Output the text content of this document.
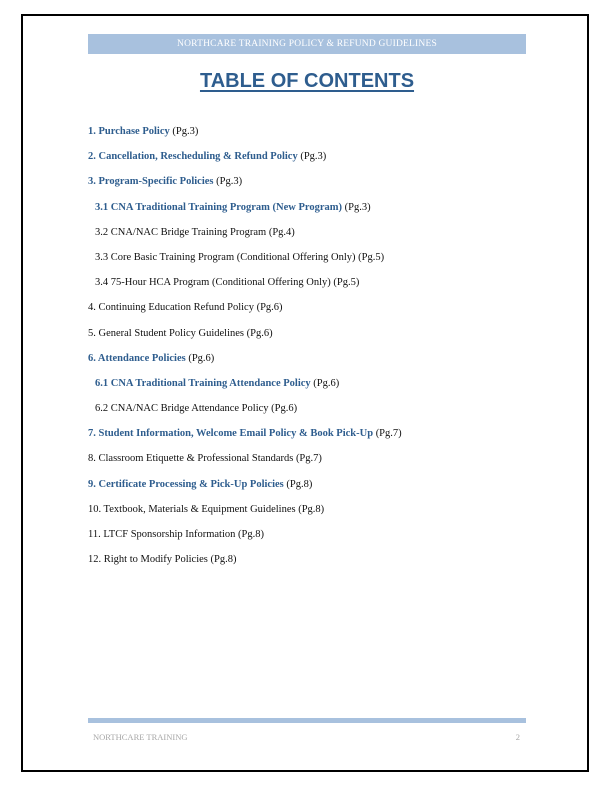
NORTHCARE TRAINING POLICY & REFUND GUIDELINES
TABLE OF CONTENTS
1. Purchase Policy (Pg.3)
2. Cancellation, Rescheduling & Refund Policy (Pg.3)
3. Program-Specific Policies (Pg.3)
3.1 CNA Traditional Training Program (New Program) (Pg.3)
3.2 CNA/NAC Bridge Training Program (Pg.4)
3.3 Core Basic Training Program (Conditional Offering Only) (Pg.5)
3.4 75-Hour HCA Program (Conditional Offering Only) (Pg.5)
4. Continuing Education Refund Policy (Pg.6)
5. General Student Policy Guidelines (Pg.6)
6. Attendance Policies (Pg.6)
6.1 CNA Traditional Training Attendance Policy (Pg.6)
6.2 CNA/NAC Bridge Attendance Policy (Pg.6)
7. Student Information, Welcome Email Policy & Book Pick-Up (Pg.7)
8. Classroom Etiquette & Professional Standards (Pg.7)
9. Certificate Processing & Pick-Up Policies (Pg.8)
10. Textbook, Materials & Equipment Guidelines (Pg.8)
11. LTCF Sponsorship Information (Pg.8)
12. Right to Modify Policies (Pg.8)
NORTHCARE TRAINING	2
